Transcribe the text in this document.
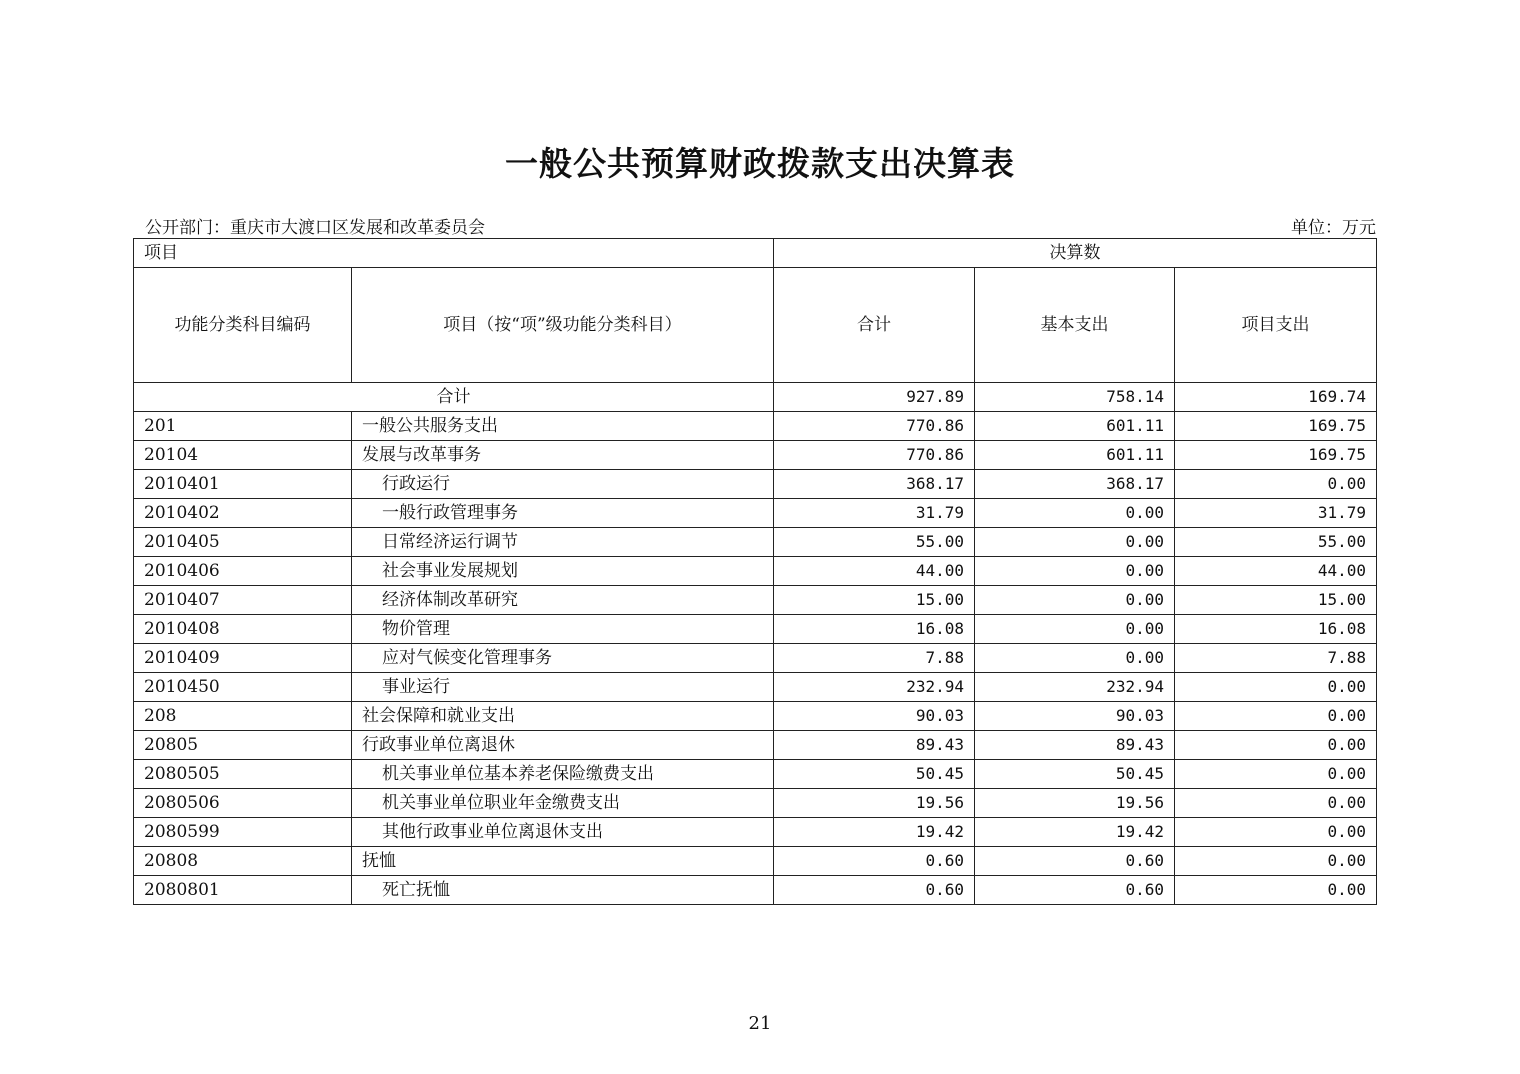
一般公共预算财政拨款支出决算表
公开部门：重庆市大渡口区发展和改革委员会	单位：万元
项目		决算数		
功能分类科目编码	项目（按“项”级功能分类科目）	合计	基本支出	项目支出
合计		927.89	758.14	169.74
201	一般公共服务支出	770.86	601.11	169.75
20104	发展与改革事务	770.86	601.11	169.75
2010401	行政运行	368.17	368.17	0.00
2010402	一般行政管理事务	31.79	0.00	31.79
2010405	日常经济运行调节	55.00	0.00	55.00
2010406	社会事业发展规划	44.00	0.00	44.00
2010407	经济体制改革研究	15.00	0.00	15.00
2010408	物价管理	16.08	0.00	16.08
2010409	应对气候变化管理事务	7.88	0.00	7.88
2010450	事业运行	232.94	232.94	0.00
208	社会保障和就业支出	90.03	90.03	0.00
20805	行政事业单位离退休	89.43	89.43	0.00
2080505	机关事业单位基本养老保险缴费支出	50.45	50.45	0.00
2080506	机关事业单位职业年金缴费支出	19.56	19.56	0.00
2080599	其他行政事业单位离退休支出	19.42	19.42	0.00
20808	抚恤	0.60	0.60	0.00
2080801	死亡抚恤	0.60	0.60	0.00
21
